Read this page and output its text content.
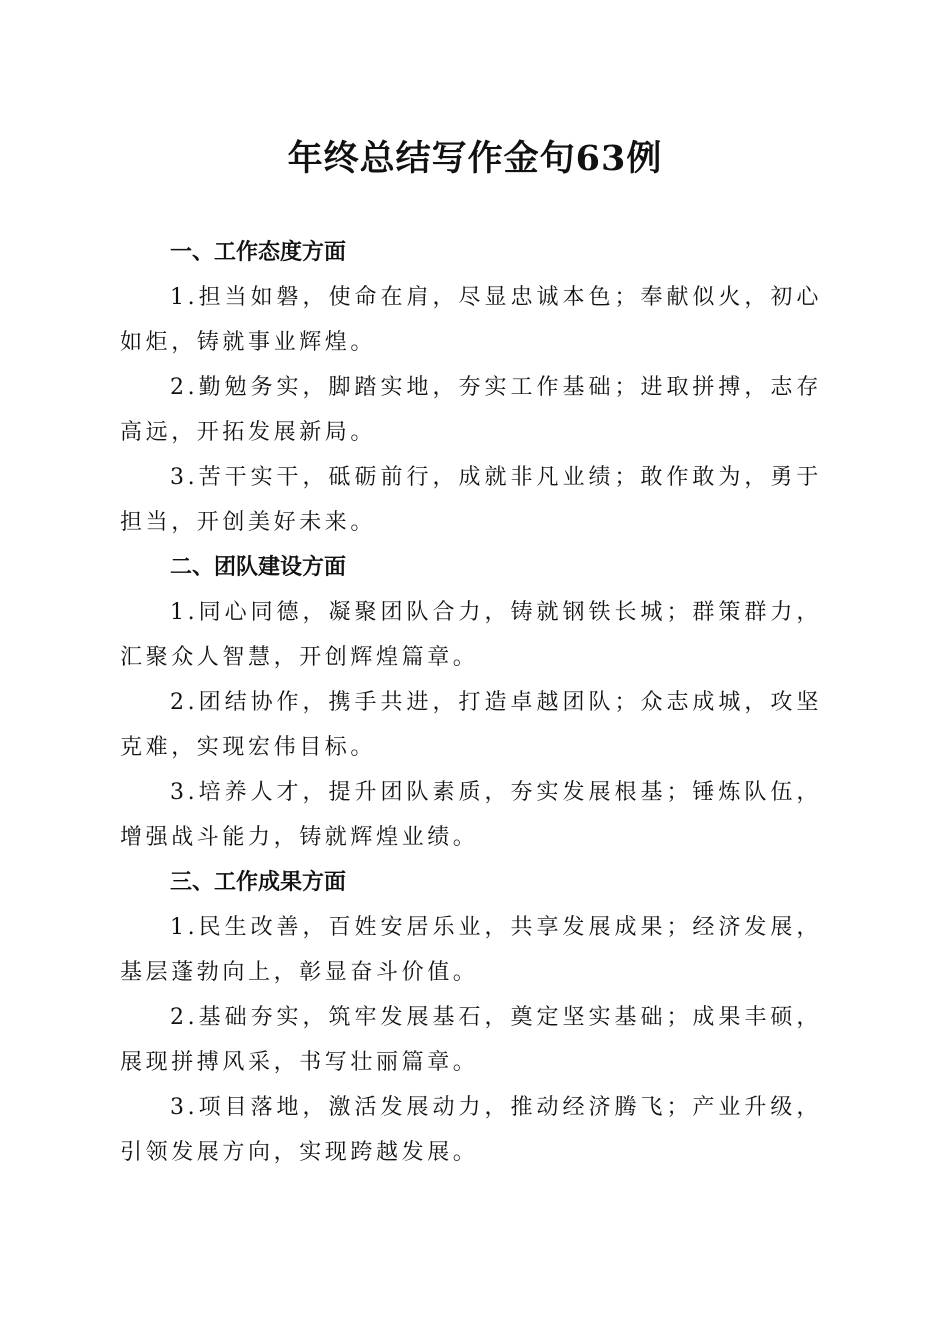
年终总结写作金句63例

一、工作态度方面

1.担当如磐，使命在肩，尽显忠诚本色；奉献似火，初心如炬，铸就事业辉煌。

2.勤勉务实，脚踏实地，夯实工作基础；进取拼搏，志存高远，开拓发展新局。

3.苦干实干，砥砺前行，成就非凡业绩；敢作敢为，勇于担当，开创美好未来。

二、团队建设方面

1.同心同德，凝聚团队合力，铸就钢铁长城；群策群力，汇聚众人智慧，开创辉煌篇章。

2.团结协作，携手共进，打造卓越团队；众志成城，攻坚克难，实现宏伟目标。

3.培养人才，提升团队素质，夯实发展根基；锤炼队伍，增强战斗能力，铸就辉煌业绩。

三、工作成果方面

1.民生改善，百姓安居乐业，共享发展成果；经济发展，基层蓬勃向上，彰显奋斗价值。

2.基础夯实，筑牢发展基石，奠定坚实基础；成果丰硕，展现拼搏风采，书写壮丽篇章。

3.项目落地，激活发展动力，推动经济腾飞；产业升级，引领发展方向，实现跨越发展。
